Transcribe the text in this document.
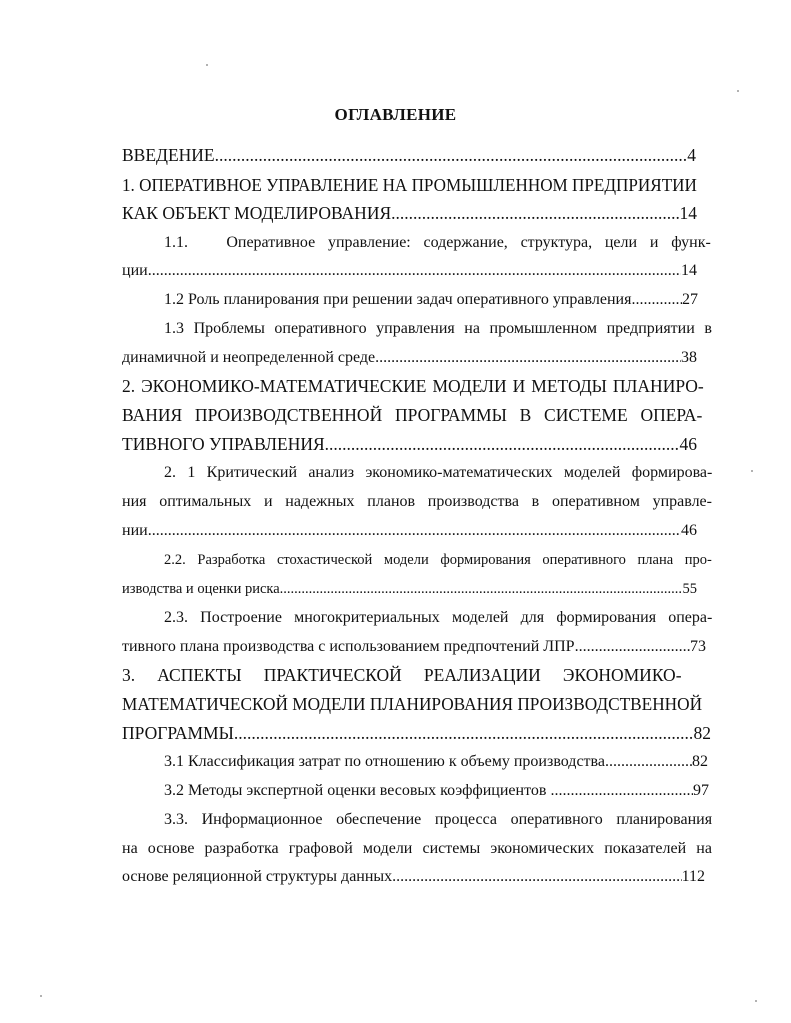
ОГЛАВЛЕНИЕ
ВВЕДЕНИЕ .....	4
1. ОПЕРАТИВНОЕ УПРАВЛЕНИЕ НА ПРОМЫШЛЕННОМ ПРЕДПРИЯТИИ
КАК ОБЪЕКТ МОДЕЛИРОВАНИЯ .....	14
1.1.   Оперативное управление: содержание, структура, цели и функ-
ции .....	14
1.2 Роль планирования при решении задач оперативного управления .....	27
1.3 Проблемы оперативного управления на промышленном предприятии в
динамичной и неопределенной среде .....	38
2. ЭКОНОМИКО-МАТЕМАТИЧЕСКИЕ МОДЕЛИ И МЕТОДЫ ПЛАНИРО-
ВАНИЯ ПРОИЗВОДСТВЕННОЙ ПРОГРАММЫ В СИСТЕМЕ ОПЕРА-
ТИВНОГО УПРАВЛЕНИЯ .....	46
2. 1 Критический анализ экономико-математических моделей формирова-
ния оптимальных и надежных планов производства в оперативном управле-
нии .....	46
2.2. Разработка стохастической модели формирования оперативного плана про-
изводства и оценки риска .....	55
2.3. Построение многокритериальных моделей для формирования опера-
тивного плана производства с использованием предпочтений ЛПР .....	73
3. АСПЕКТЫ ПРАКТИЧЕСКОЙ РЕАЛИЗАЦИИ ЭКОНОМИКО-
МАТЕМАТИЧЕСКОЙ МОДЕЛИ ПЛАНИРОВАНИЯ ПРОИЗВОДСТВЕННОЙ
ПРОГРАММЫ .....	82
3.1 Классификация затрат по отношению к объему производства .....	82
3.2 Методы экспертной оценки весовых коэффициентов .....	97
3.3. Информационное обеспечение процесса оперативного планирования
на основе разработка графовой модели системы экономических показателей на
основе реляционной структуры данных .....	112
